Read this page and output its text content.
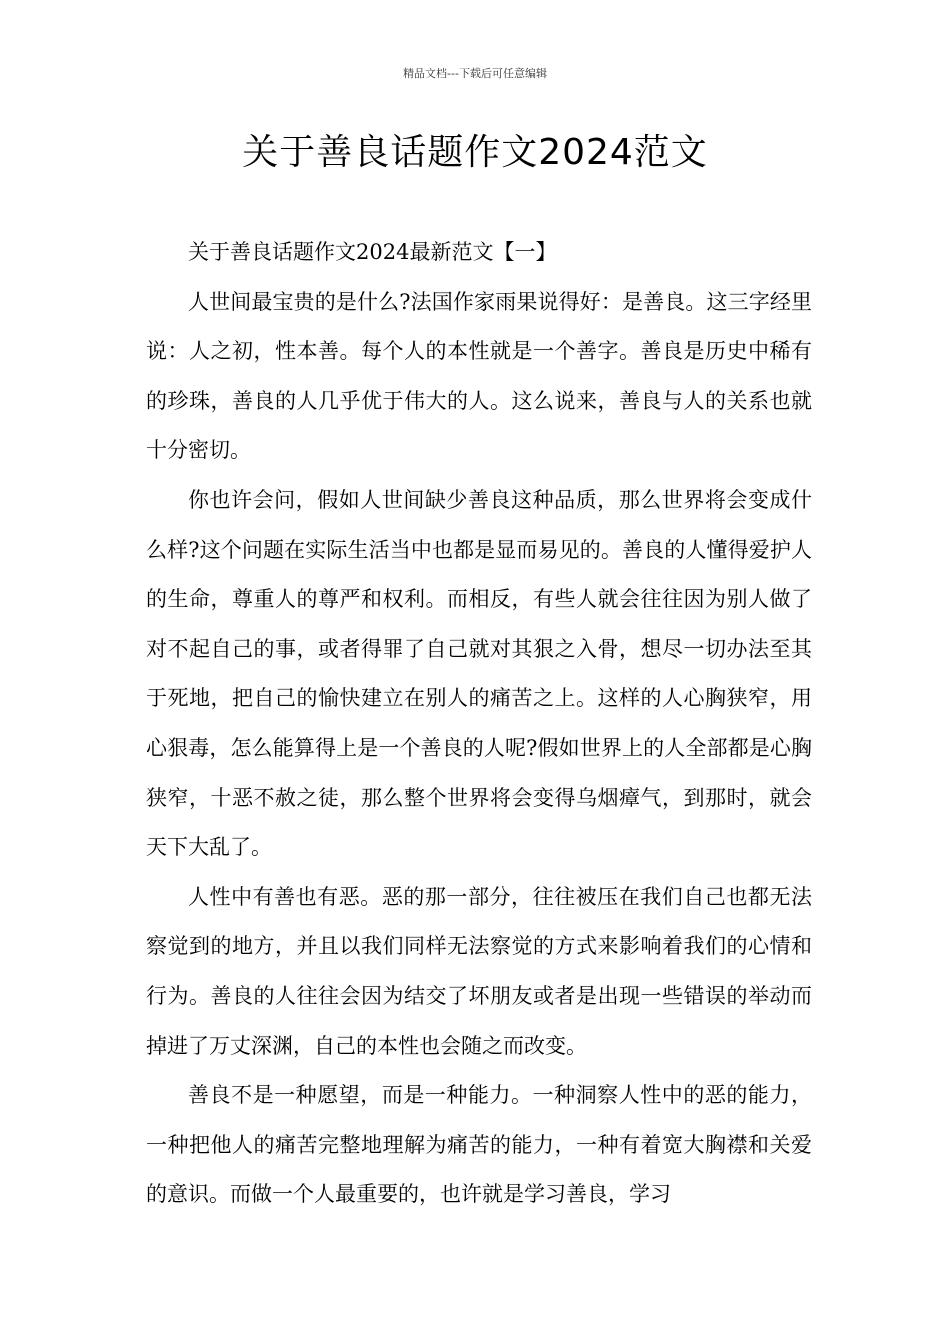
精品文档---下载后可任意编辑
关于善良话题作文2024范文

关于善良话题作文2024最新范文【一】

人世间最宝贵的是什么?法国作家雨果说得好：是善良。这三字经里说：人之初，性本善。每个人的本性就是一个善字。善良是历史中稀有的珍珠，善良的人几乎优于伟大的人。这么说来，善良与人的关系也就十分密切。

你也许会问，假如人世间缺少善良这种品质，那么世界将会变成什么样?这个问题在实际生活当中也都是显而易见的。善良的人懂得爱护人的生命，尊重人的尊严和权利。而相反，有些人就会往往因为别人做了对不起自己的事，或者得罪了自己就对其狠之入骨，想尽一切办法至其于死地，把自己的愉快建立在别人的痛苦之上。这样的人心胸狭窄，用心狠毒，怎么能算得上是一个善良的人呢?假如世界上的人全部都是心胸狭窄，十恶不赦之徒，那么整个世界将会变得乌烟瘴气，到那时，就会天下大乱了。

人性中有善也有恶。恶的那一部分，往往被压在我们自己也都无法察觉到的地方，并且以我们同样无法察觉的方式来影响着我们的心情和行为。善良的人往往会因为结交了坏朋友或者是出现一些错误的举动而掉进了万丈深渊，自己的本性也会随之而改变。

善良不是一种愿望，而是一种能力。一种洞察人性中的恶的能力，一种把他人的痛苦完整地理解为痛苦的能力，一种有着宽大胸襟和关爱的意识。而做一个人最重要的，也许就是学习善良，学习
